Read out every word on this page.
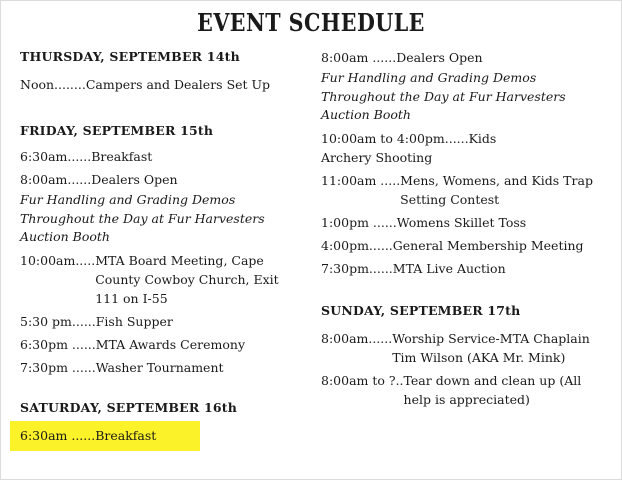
EVENT SCHEDULE
THURSDAY, SEPTEMBER 14th
Noon........ Campers and Dealers Set Up
FRIDAY, SEPTEMBER 15th
6:30am...... Breakfast
8:00am...... Dealers Open
Fur Handling and Grading Demos Throughout the Day at Fur Harvesters Auction Booth
10:00am..... MTA Board Meeting, Cape County Cowboy Church, Exit 111 on I-55
5:30 pm...... Fish Supper
6:30pm ...... MTA Awards Ceremony
7:30pm ...... Washer Tournament
SATURDAY, SEPTEMBER 16th
6:30am ...... Breakfast
8:00am ...... Dealers Open
Fur Handling and Grading Demos Throughout the Day at Fur Harvesters Auction Booth
10:00am to 4:00pm......Kids Archery Shooting
11:00am ..... Mens, Womens, and Kids Trap Setting Contest
1:00pm ...... Womens Skillet Toss
4:00pm...... General Membership Meeting
7:30pm...... MTA Live Auction
SUNDAY, SEPTEMBER 17th
8:00am...... Worship Service-MTA Chaplain Tim Wilson (AKA Mr. Mink)
8:00am to ?.. Tear down and clean up (All help is appreciated)
